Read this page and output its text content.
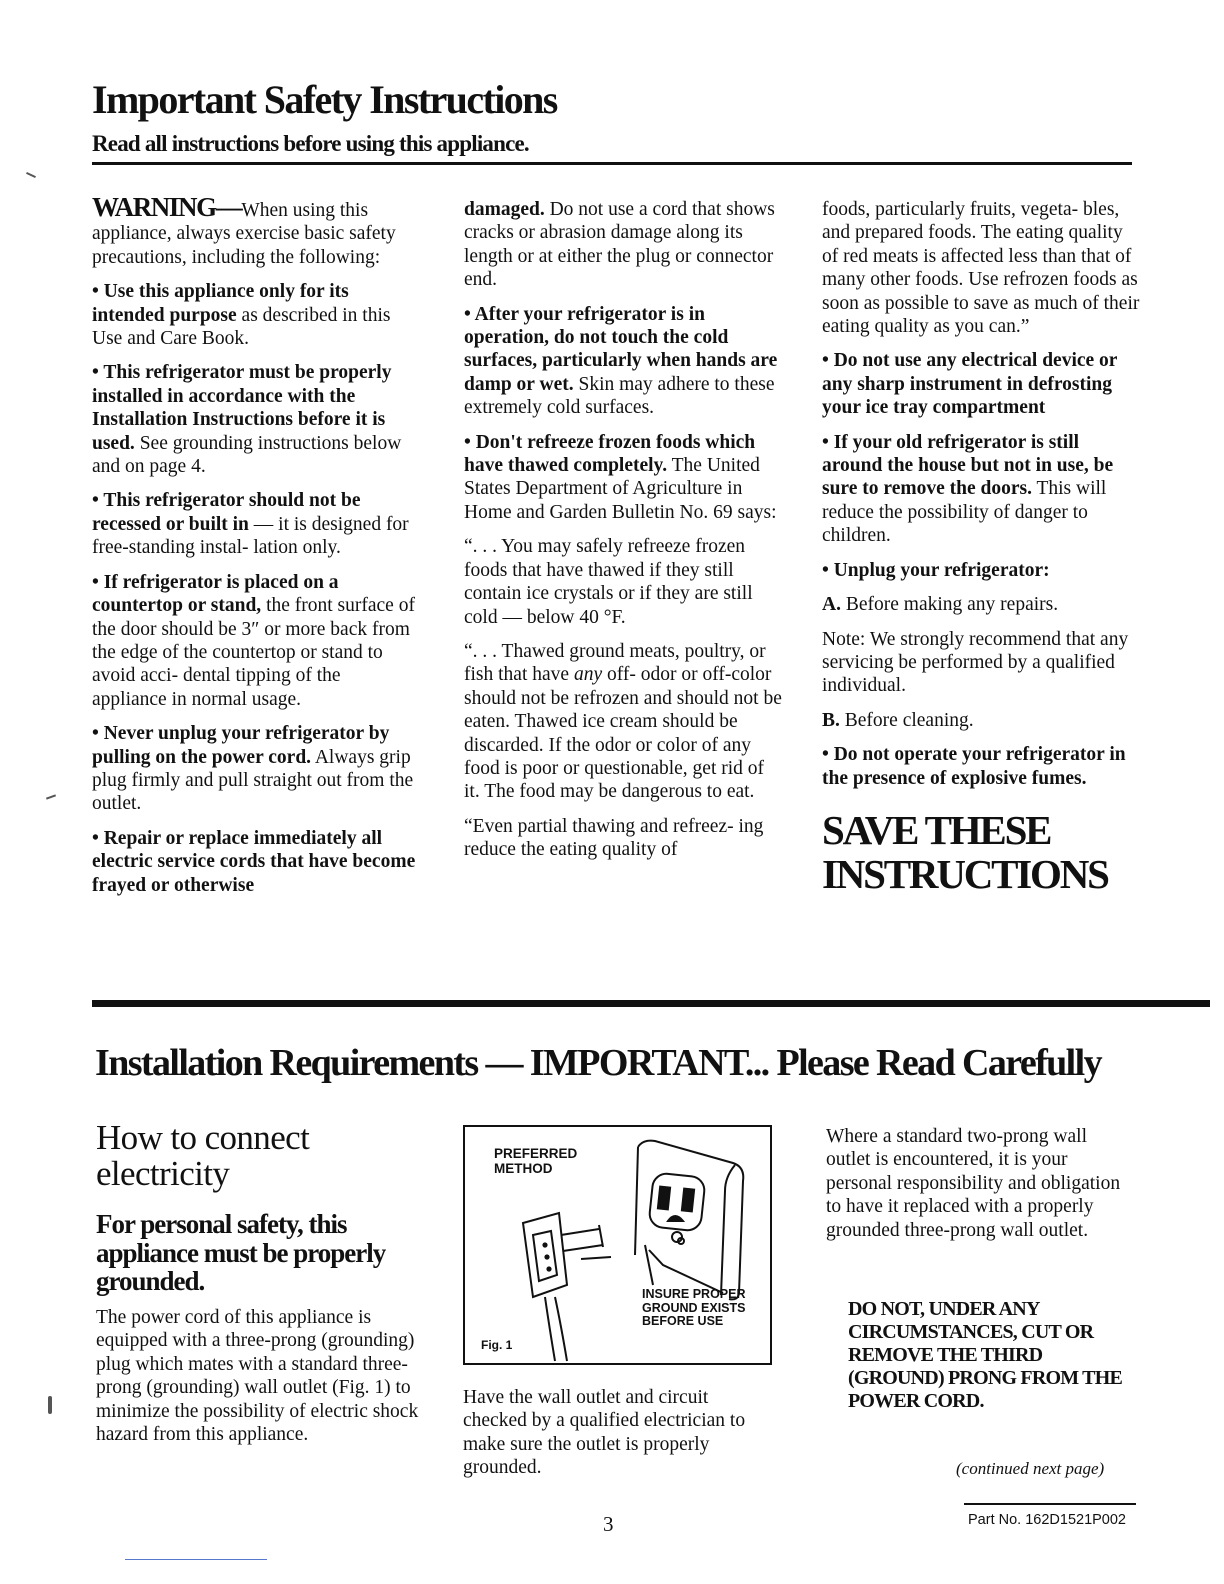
Important Safety Instructions
Read all instructions before using this appliance.

WARNING—When using this appliance, always exercise basic safety precautions, including the following:

• Use this appliance only for its intended purpose as described in this Use and Care Book.

• This refrigerator must be properly installed in accordance with the Installation Instructions before it is used. See grounding instructions below and on page 4.

• This refrigerator should not be recessed or built in — it is designed for free-standing instal- lation only.

• If refrigerator is placed on a countertop or stand, the front surface of the door should be 3″ or more back from the edge of the countertop or stand to avoid acci- dental tipping of the appliance in normal usage.

• Never unplug your refrigerator by pulling on the power cord. Always grip plug firmly and pull straight out from the outlet.

• Repair or replace immediately all electric service cords that have become frayed or otherwise

damaged. Do not use a cord that shows cracks or abrasion damage along its length or at either the plug or connector end.

• After your refrigerator is in operation, do not touch the cold surfaces, particularly when hands are damp or wet. Skin may adhere to these extremely cold surfaces.

• Don't refreeze frozen foods which have thawed completely. The United States Department of Agriculture in Home and Garden Bulletin No. 69 says:

“. . . You may safely refreeze frozen foods that have thawed if they still contain ice crystals or if they are still cold — below 40 °F.

“. . . Thawed ground meats, poultry, or fish that have any off- odor or off-color should not be refrozen and should not be eaten. Thawed ice cream should be discarded. If the odor or color of any food is poor or questionable, get rid of it. The food may be dangerous to eat.

“Even partial thawing and refreez- ing reduce the eating quality of

foods, particularly fruits, vegeta- bles, and prepared foods. The eating quality of red meats is affected less than that of many other foods. Use refrozen foods as soon as possible to save as much of their eating quality as you can.”

• Do not use any electrical device or any sharp instrument in defrosting your ice tray compartment

• If your old refrigerator is still around the house but not in use, be sure to remove the doors. This will reduce the possibility of danger to children.

• Unplug your refrigerator:

A. Before making any repairs.

Note: We strongly recommend that any servicing be performed by a qualified individual.

B. Before cleaning.

• Do not operate your refrigerator in the presence of explosive fumes.

SAVE THESE
INSTRUCTIONS
Installation Requirements — IMPORTANT... Please Read Carefully
How to connect electricity
For personal safety, this appliance must be properly grounded.

The power cord of this appliance is equipped with a three-prong (grounding) plug which mates with a standard three-prong (grounding) wall outlet (Fig. 1) to minimize the possibility of electric shock hazard from this appliance.

PREFERRED METHOD
INSURE PROPER GROUND EXISTS BEFORE USE
Fig. 1

Have the wall outlet and circuit checked by a qualified electrician to make sure the outlet is properly grounded.

Where a standard two-prong wall outlet is encountered, it is your personal responsibility and obligation to have it replaced with a properly grounded three-prong wall outlet.

DO NOT, UNDER ANY CIRCUMSTANCES, CUT OR REMOVE THE THIRD (GROUND) PRONG FROM THE POWER CORD.
(continued next page)
3	Part No. 162D1521P002
